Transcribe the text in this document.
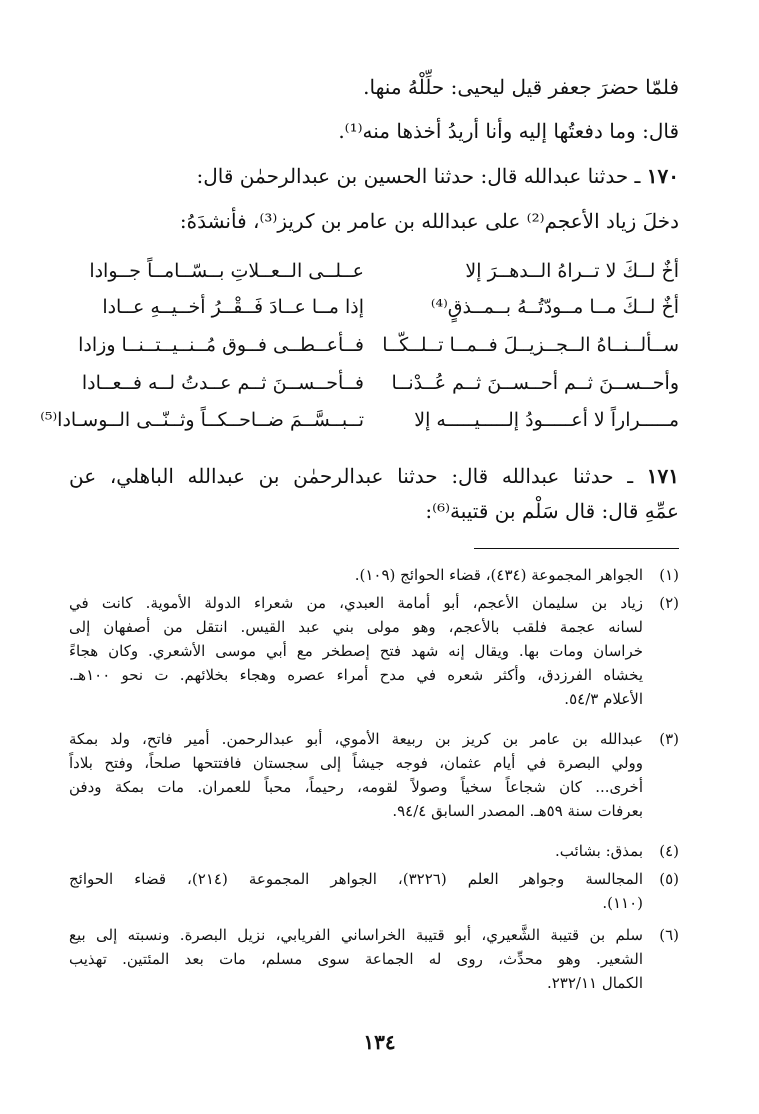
فلمّا حضرَ جعفر قيل ليحيى: حلِّلْهُ منها.
قال: وما دفعتُها إليه وأنا أريدُ أخذها منه⁽¹⁾.
١٧٠ ـ حدثنا عبدالله قال: حدثنا الحسين بن عبدالرحمٰن قال:
دخلَ زياد الأعجم⁽²⁾ على عبدالله بن عامر بن كريز⁽³⁾، فأنشدَهُ:
أخٌ لــكَ لا تــراهُ الــدهــرَ إلا
عــلــى الــعــلاتِ بــسّــامــاً جــوادا
أخٌ لــكَ مــا مــودّتُــهُ بــمــذقٍ⁽⁴⁾
إذا مــا عــادَ فَــقْــرُ أخــيــهِ عــادا
ســألــنــاهُ الــجــزيــلَ فــمــا تــلــكّــا
فــأعــطــى فــوق مُــنــيــتــنــا وزادا
وأحــســنَ ثــم أحــســنَ ثــم عُــدْنــا
فــأحــســنَ ثــم عــدتُ لــه فــعــادا
مـــــراراً لا أعـــــودُ إلـــــيـــــه إلا
تــبــسَّــمَ ضــاحــكــاً وثــنّــى الــوسـادا⁽⁵⁾
١٧١ ـ حدثنا عبدالله قال: حدثنا عبدالرحمٰن بن عبدالله الباهلي، عن
عمِّهِ قال: قال سَلْم بن قتيبة⁽⁶⁾:
(١)
الجواهر المجموعة (٤٣٤)، قضاء الحوائج (١٠٩).
(٢)
زياد بن سليمان الأعجم، أبو أمامة العبدي، من شعراء الدولة الأموية. كانت في
لسانه عجمة فلقب بالأعجم، وهو مولى بني عبد القيس. انتقل من أصفهان إلى
خراسان ومات بها. ويقال إنه شهد فتح إصطخر مع أبي موسى الأشعري. وكان هجاءً
يخشاه الفرزدق، وأكثر شعره في مدح أمراء عصره وهجاء بخلائهم. ت نحو ١٠٠هـ.
الأعلام ٥٤/٣.
(٣)
عبدالله بن عامر بن كريز بن ربيعة الأموي، أبو عبدالرحمن. أمير فاتح، ولد بمكة
وولي البصرة في أيام عثمان، فوجه جيشاً إلى سجستان فافتتحها صلحاً، وفتح بلاداً
أخرى... كان شجاعاً سخياً وصولاً لقومه، رحيماً، محباً للعمران. مات بمكة ودفن
بعرفات سنة ٥٩هـ. المصدر السابق ٩٤/٤.
(٤)
بمذق: بشائب.
(٥)
المجالسة وجواهر العلم (٣٢٢٦)، الجواهر المجموعة (٢١٤)، قضاء الحوائج
(١١٠).
(٦)
سلم بن قتيبة الشَّعيري، أبو قتيبة الخراساني الفريابي، نزيل البصرة. ونسبته إلى بيع
الشعير. وهو محدِّث، روى له الجماعة سوى مسلم، مات بعد المئتين. تهذيب
الكمال ٢٣٢/١١.
١٣٤
